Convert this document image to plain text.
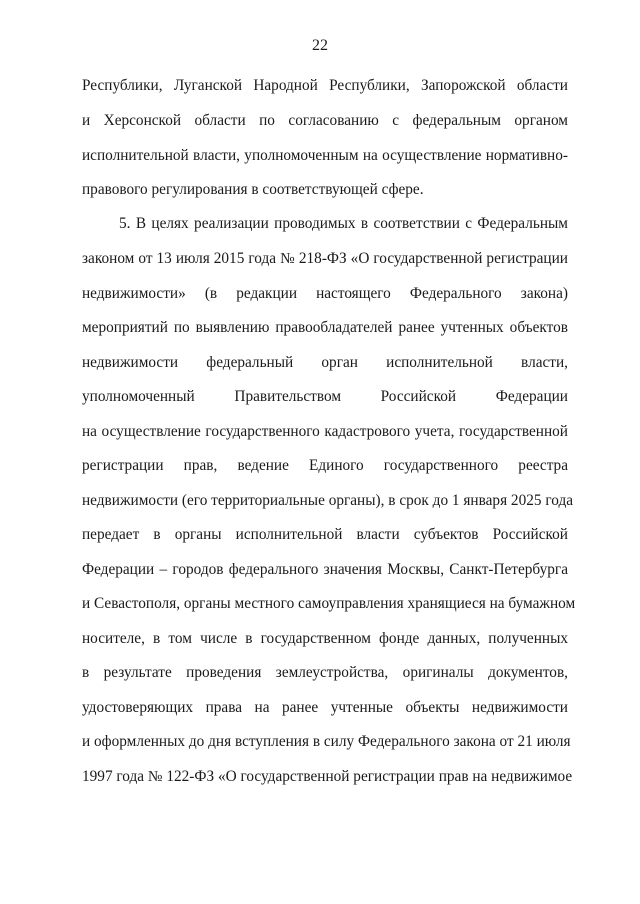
22
Республики, Луганской Народной Республики, Запорожской области
и Херсонской области по согласованию с федеральным органом
исполнительной власти, уполномоченным на осуществление нормативно-
правового регулирования в соответствующей сфере.
5. В целях реализации проводимых в соответствии с Федеральным
законом от 13 июля 2015 года № 218-ФЗ «О государственной регистрации
недвижимости» (в редакции настоящего Федерального закона)
мероприятий по выявлению правообладателей ранее учтенных объектов
недвижимости федеральный орган исполнительной власти,
уполномоченный Правительством Российской Федерации
на осуществление государственного кадастрового учета, государственной
регистрации прав, ведение Единого государственного реестра
недвижимости (его территориальные органы), в срок до 1 января 2025 года
передает в органы исполнительной власти субъектов Российской
Федерации – городов федерального значения Москвы, Санкт-Петербурга
и Севастополя, органы местного самоуправления хранящиеся на бумажном
носителе, в том числе в государственном фонде данных, полученных
в результате проведения землеустройства, оригиналы документов,
удостоверяющих права на ранее учтенные объекты недвижимости
и оформленных до дня вступления в силу Федерального закона от 21 июля
1997 года № 122-ФЗ «О государственной регистрации прав на недвижимое
